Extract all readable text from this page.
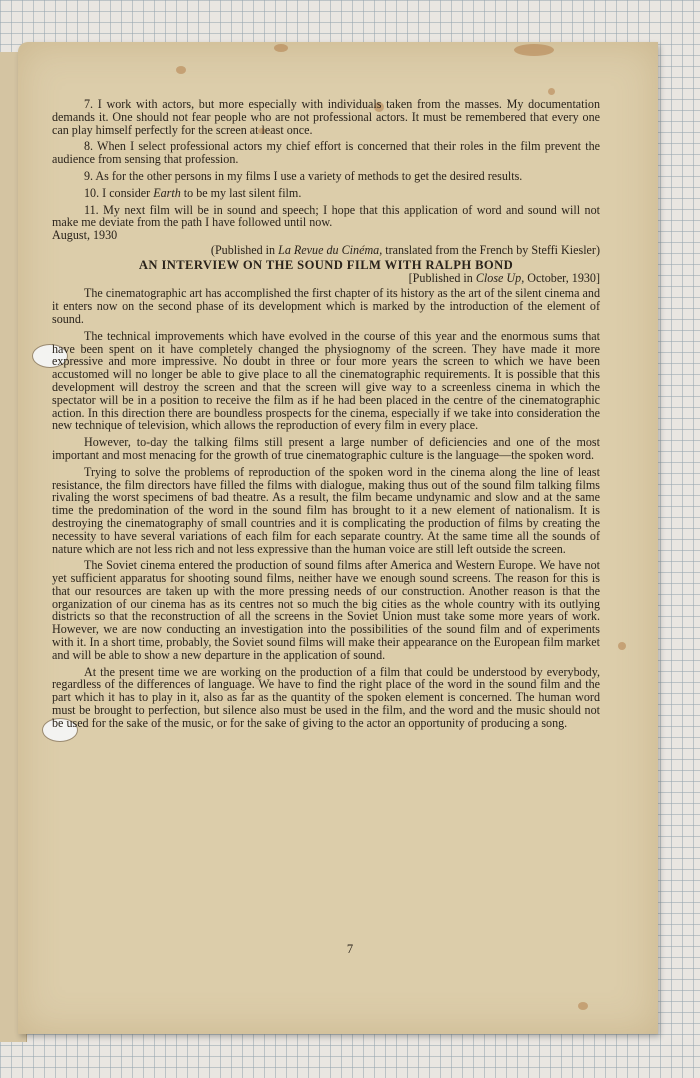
7. I work with actors, but more especially with individuals taken from the masses. My documentation demands it. One should not fear people who are not professional actors. It must be remembered that every one can play himself perfectly for the screen at least once.

8. When I select professional actors my chief effort is concerned that their roles in the film prevent the audience from sensing that profession.

9. As for the other persons in my films I use a variety of methods to get the desired results.

10. I consider Earth to be my last silent film.

11. My next film will be in sound and speech; I hope that this application of word and sound will not make me deviate from the path I have followed until now.

August, 1930

(Published in La Revue du Cinéma, translated from the French by Steffi Kiesler)

AN INTERVIEW ON THE SOUND FILM WITH RALPH BOND

[Published in Close Up, October, 1930]

The cinematographic art has accomplished the first chapter of its history as the art of the silent cinema and it enters now on the second phase of its development which is marked by the introduction of the element of sound.

The technical improvements which have evolved in the course of this year and the enormous sums that have been spent on it have completely changed the physiognomy of the screen. They have made it more expressive and more impressive. No doubt in three or four more years the screen to which we have been accustomed will no longer be able to give place to all the cinematographic requirements. It is possible that this development will destroy the screen and that the screen will give way to a screenless cinema in which the spectator will be in a position to receive the film as if he had been placed in the centre of the cinematographic action. In this direction there are boundless prospects for the cinema, especially if we take into consideration the new technique of television, which allows the reproduction of every film in every place.

However, to-day the talking films still present a large number of deficiencies and one of the most important and most menacing for the growth of true cinematographic culture is the language—the spoken word.

Trying to solve the problems of reproduction of the spoken word in the cinema along the line of least resistance, the film directors have filled the films with dialogue, making thus out of the sound film talking films rivaling the worst specimens of bad theatre. As a result, the film became undynamic and slow and at the same time the predomination of the word in the sound film has brought to it a new element of nationalism. It is destroying the cinematography of small countries and it is complicating the production of films by creating the necessity to have several variations of each film for each separate country. At the same time all the sounds of nature which are not less rich and not less expressive than the human voice are still left outside the screen.

The Soviet cinema entered the production of sound films after America and Western Europe. We have not yet sufficient apparatus for shooting sound films, neither have we enough sound screens. The reason for this is that our resources are taken up with the more pressing needs of our construction. Another reason is that the organization of our cinema has as its centres not so much the big cities as the whole country with its outlying districts so that the reconstruction of all the screens in the Soviet Union must take some more years of work. However, we are now conducting an investigation into the possibilities of the sound film and of experiments with it. In a short time, probably, the Soviet sound films will make their appearance on the European film market and will be able to show a new departure in the application of sound.

At the present time we are working on the production of a film that could be understood by everybody, regardless of the differences of language. We have to find the right place of the word in the sound film and the part which it has to play in it, also as far as the quantity of the spoken element is concerned. The human word must be brought to perfection, but silence also must be used in the film, and the word and the music should not be used for the sake of the music, or for the sake of giving to the actor an opportunity of producing a song.

7
